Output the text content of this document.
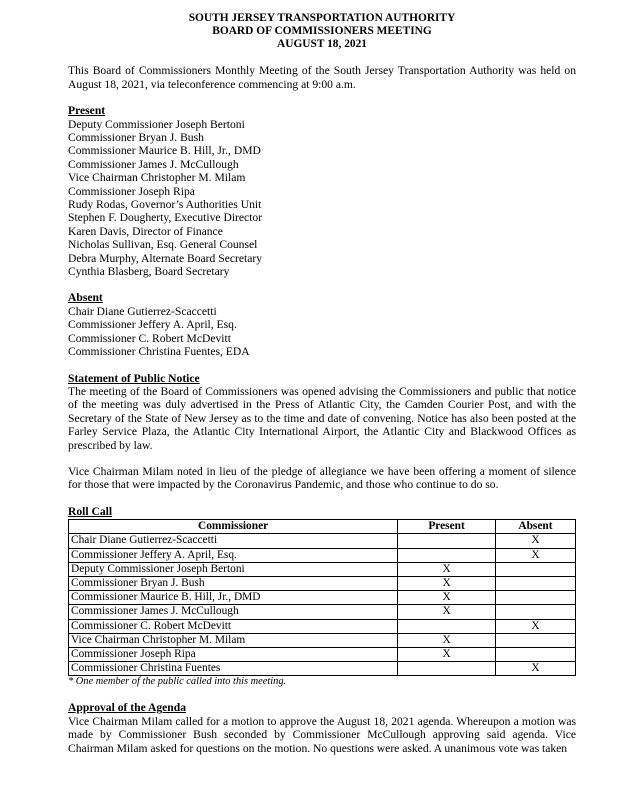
SOUTH JERSEY TRANSPORTATION AUTHORITY
BOARD OF COMMISSIONERS MEETING
AUGUST 18, 2021

This Board of Commissioners Monthly Meeting of the South Jersey Transportation Authority was held on August 18, 2021, via teleconference commencing at 9:00 a.m.

Present
Deputy Commissioner Joseph Bertoni
Commissioner Bryan J. Bush
Commissioner Maurice B. Hill, Jr., DMD
Commissioner James J. McCullough
Vice Chairman Christopher M. Milam
Commissioner Joseph Ripa
Rudy Rodas, Governor’s Authorities Unit
Stephen F. Dougherty, Executive Director
Karen Davis, Director of Finance
Nicholas Sullivan, Esq. General Counsel
Debra Murphy, Alternate Board Secretary
Cynthia Blasberg, Board Secretary
Absent
Chair Diane Gutierrez-Scaccetti
Commissioner Jeffery A. April, Esq.
Commissioner C. Robert McDevitt
Commissioner Christina Fuentes, EDA
Statement of Public Notice

The meeting of the Board of Commissioners was opened advising the Commissioners and public that notice of the meeting was duly advertised in the Press of Atlantic City, the Camden Courier Post, and with the Secretary of the State of New Jersey as to the time and date of convening. Notice has also been posted at the Farley Service Plaza, the Atlantic City International Airport, the Atlantic City and Blackwood Offices as prescribed by law.

Vice Chairman Milam noted in lieu of the pledge of allegiance we have been offering a moment of silence for those that were impacted by the Coronavirus Pandemic, and those who continue to do so.

Roll Call
Commissioner	Present	Absent
Chair Diane Gutierrez-Scaccetti		X
Commissioner Jeffery A. April, Esq.		X
Deputy Commissioner Joseph Bertoni	X	
Commissioner Bryan J. Bush	X	
Commissioner Maurice B. Hill, Jr., DMD	X	
Commissioner James J. McCullough	X	
Commissioner C. Robert McDevitt		X
Vice Chairman Christopher M. Milam	X	
Commissioner Joseph Ripa	X	
Commissioner Christina Fuentes		X
* One member of the public called into this meeting.
Approval of the Agenda

Vice Chairman Milam called for a motion to approve the August 18, 2021 agenda. Whereupon a motion was made by Commissioner Bush seconded by Commissioner McCullough approving said agenda. Vice Chairman Milam asked for questions on the motion. No questions were asked. A unanimous vote was taken
